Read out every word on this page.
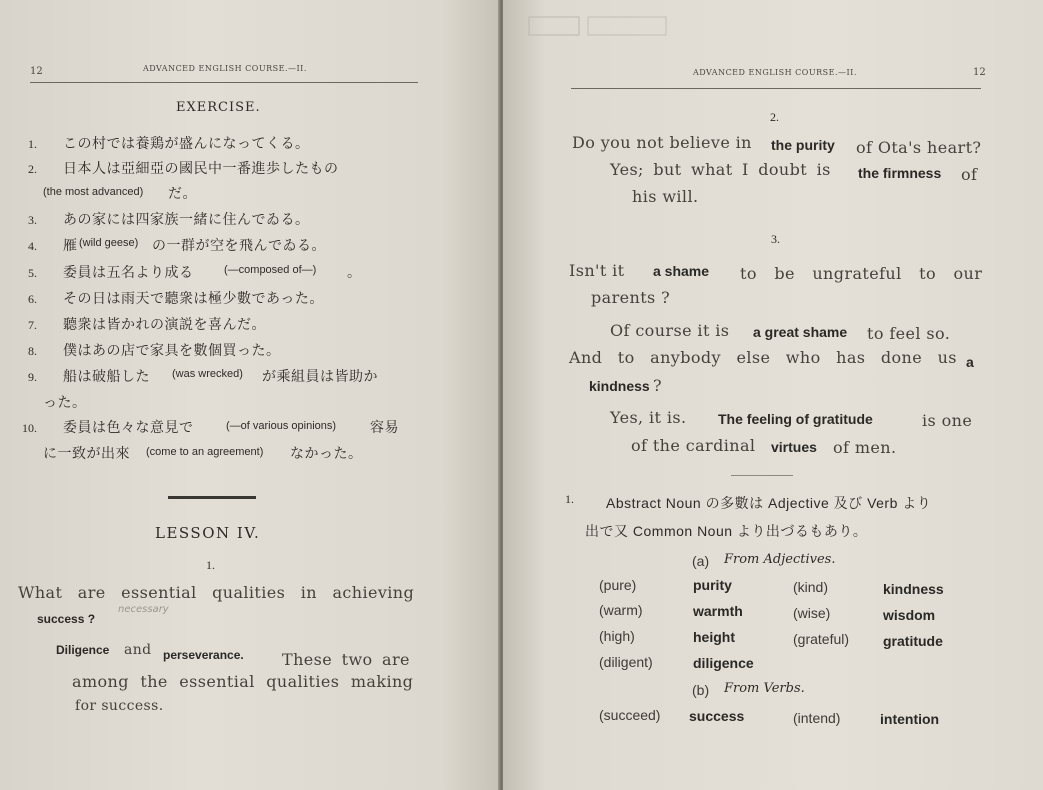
12	ADVANCED ENGLISH COURSE.—II.
EXERCISE.
1. この村では養鶏が盛んになってくる。
2. 日本人は亞細亞の國民中一番進歩したもの
(the most advanced) だ。
3. あの家には四家族一緒に住んでゐる。
4. 雁 (wild geese) の一群が空を飛んでゐる。
5. 委員は五名より成る	(—composed of—) 。
6. その日は雨天で聽衆は極少數であった。
7. 聽衆は皆かれの演説を喜んだ。
8. 僕はあの店で家具を數個買った。
9. 船は破船した (was wrecked) が乘組員は皆助か
った。
10. 委員は色々な意見で	(—of various opinions) 容易
に一致が出來 (come to an agreement) なかった。
LESSON IV.
1.
What are essential qualities in achieving
success ?
necessary
Diligence and perseverance. These two are
among the essential qualities making
for success.
ADVANCED ENGLISH COURSE.—II.	12
2.
Do you not believe in the purity of Ota's heart?
Yes; but what I doubt is the firmness of
his will.
3.
Isn't it a shame to be ungrateful to our
parents ?
Of course it is a great shame to feel so.
And to anybody else who has done us a
kindness ?
Yes, it is. The feeling of gratitude	is one
of the cardinal virtues of men.
1. Abstract Noun の多數は Adjective 及び Verb より
出で又 Common Noun より出づるもあり。
(a) From Adjectives.
(pure)	purity	(kind)	kindness
(warm)	warmth	(wise)	wisdom
(high)	height	(grateful) gratitude
(diligent)	diligence
(b) From Verbs.
(succeed) success	(intend)	intention
